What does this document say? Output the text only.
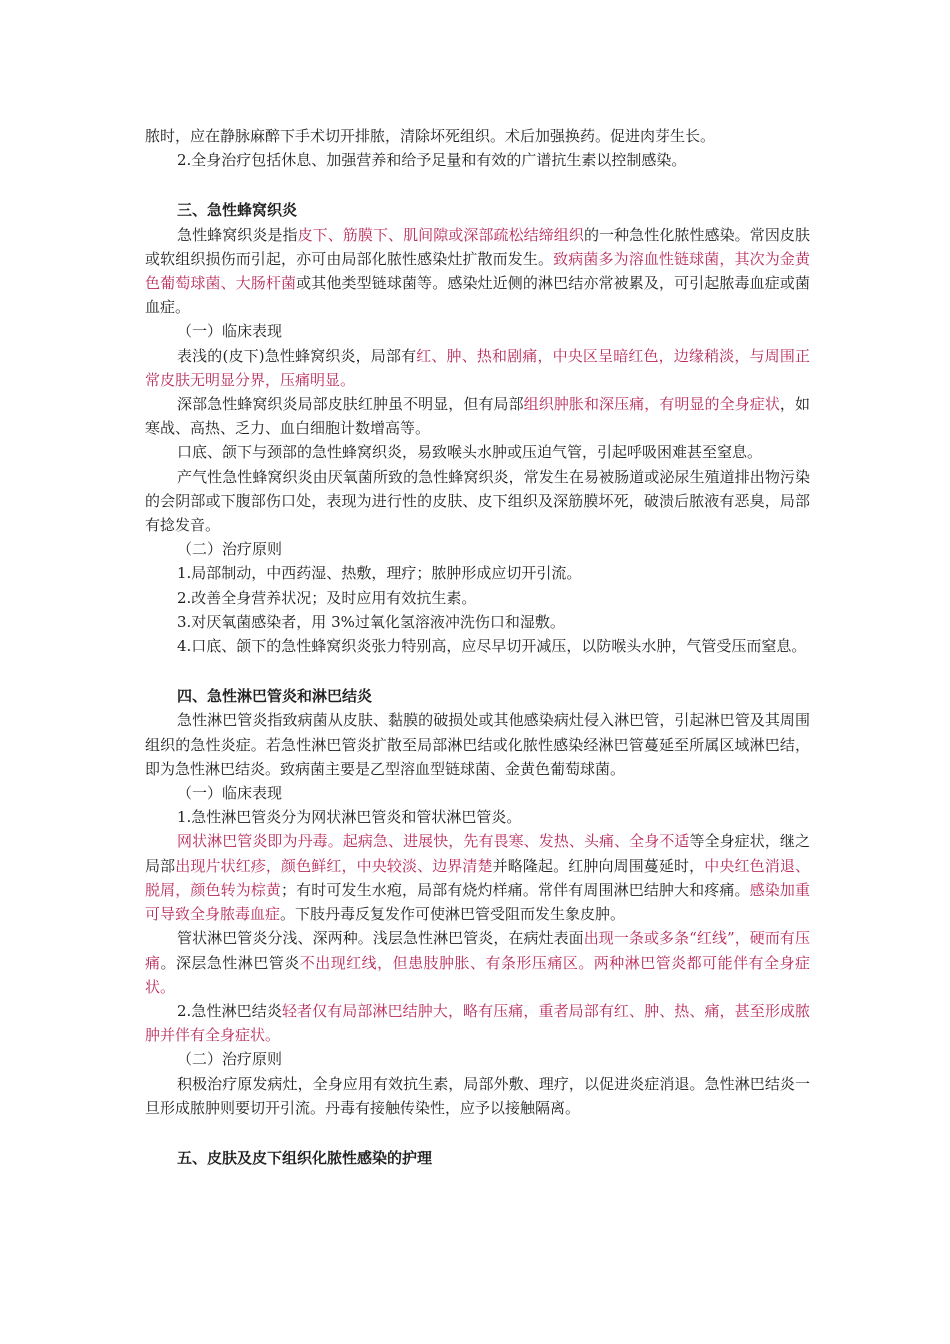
脓时，应在静脉麻醉下手术切开排脓，清除坏死组织。术后加强换药。促进肉芽生长。

2.全身治疗包括休息、加强营养和给予足量和有效的广谱抗生素以控制感染。

三、急性蜂窝织炎

急性蜂窝织炎是指皮下、筋膜下、肌间隙或深部疏松结缔组织的一种急性化脓性感染。常因皮肤或软组织损伤而引起，亦可由局部化脓性感染灶扩散而发生。致病菌多为溶血性链球菌，其次为金黄色葡萄球菌、大肠杆菌或其他类型链球菌等。感染灶近侧的淋巴结亦常被累及，可引起脓毒血症或菌血症。

（一）临床表现

表浅的(皮下)急性蜂窝织炎，局部有红、肿、热和剧痛，中央区呈暗红色，边缘稍淡，与周围正常皮肤无明显分界，压痛明显。

深部急性蜂窝织炎局部皮肤红肿虽不明显，但有局部组织肿胀和深压痛，有明显的全身症状，如寒战、高热、乏力、血白细胞计数增高等。

口底、颌下与颈部的急性蜂窝织炎，易致喉头水肿或压迫气管，引起呼吸困难甚至窒息。

产气性急性蜂窝织炎由厌氧菌所致的急性蜂窝织炎，常发生在易被肠道或泌尿生殖道排出物污染的会阴部或下腹部伤口处，表现为进行性的皮肤、皮下组织及深筋膜坏死，破溃后脓液有恶臭，局部有捻发音。

（二）治疗原则

1.局部制动，中西药湿、热敷，理疗；脓肿形成应切开引流。

2.改善全身营养状况；及时应用有效抗生素。

3.对厌氧菌感染者，用 3%过氧化氢溶液冲洗伤口和湿敷。

4.口底、颌下的急性蜂窝织炎张力特别高，应尽早切开减压，以防喉头水肿，气管受压而窒息。

四、急性淋巴管炎和淋巴结炎

急性淋巴管炎指致病菌从皮肤、黏膜的破损处或其他感染病灶侵入淋巴管，引起淋巴管及其周围组织的急性炎症。若急性淋巴管炎扩散至局部淋巴结或化脓性感染经淋巴管蔓延至所属区域淋巴结，即为急性淋巴结炎。致病菌主要是乙型溶血型链球菌、金黄色葡萄球菌。

（一）临床表现

1.急性淋巴管炎分为网状淋巴管炎和管状淋巴管炎。

网状淋巴管炎即为丹毒。起病急、进展快，先有畏寒、发热、头痛、全身不适等全身症状，继之局部出现片状红疹，颜色鲜红，中央较淡、边界清楚并略隆起。红肿向周围蔓延时，中央红色消退、脱屑，颜色转为棕黄；有时可发生水疱，局部有烧灼样痛。常伴有周围淋巴结肿大和疼痛。感染加重可导致全身脓毒血症。下肢丹毒反复发作可使淋巴管受阻而发生象皮肿。

管状淋巴管炎分浅、深两种。浅层急性淋巴管炎，在病灶表面出现一条或多条“红线”，硬而有压痛。深层急性淋巴管炎不出现红线，但患肢肿胀、有条形压痛区。两种淋巴管炎都可能伴有全身症状。

2.急性淋巴结炎轻者仅有局部淋巴结肿大，略有压痛，重者局部有红、肿、热、痛，甚至形成脓肿并伴有全身症状。

（二）治疗原则

积极治疗原发病灶，全身应用有效抗生素，局部外敷、理疗，以促进炎症消退。急性淋巴结炎一旦形成脓肿则要切开引流。丹毒有接触传染性，应予以接触隔离。

五、皮肤及皮下组织化脓性感染的护理
